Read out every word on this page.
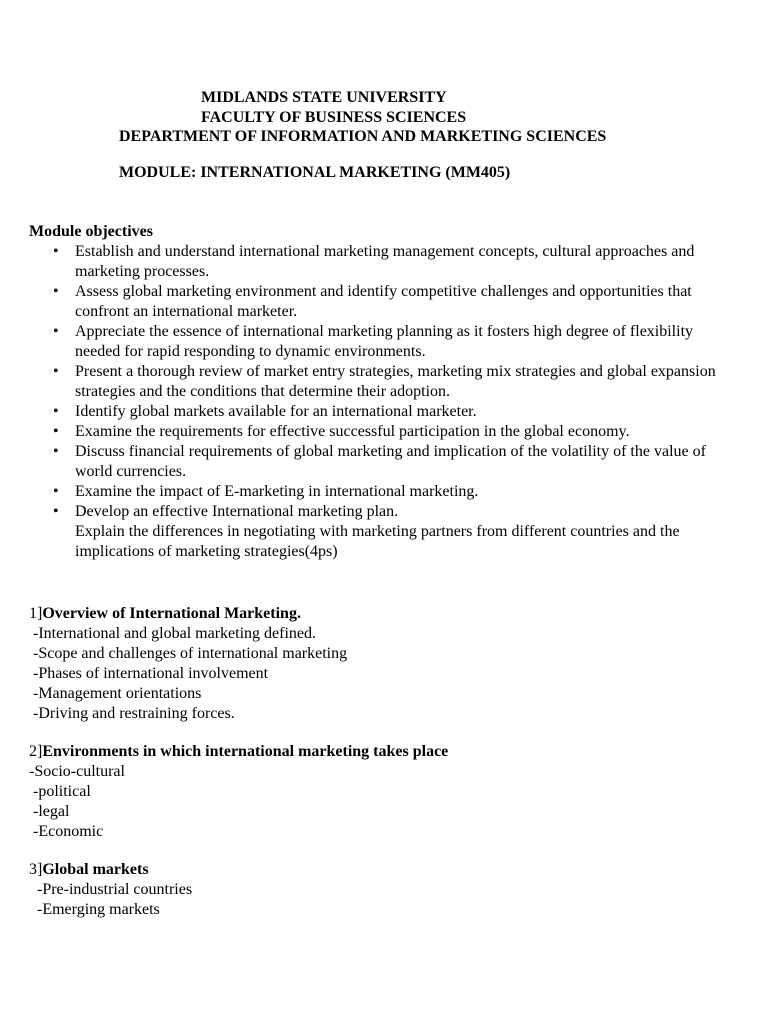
MIDLANDS STATE UNIVERSITY
FACULTY OF BUSINESS SCIENCES
DEPARTMENT OF INFORMATION AND MARKETING SCIENCES
MODULE: INTERNATIONAL MARKETING (MM405)
Module objectives
• Establish and understand international marketing management concepts, cultural approaches and marketing processes.
• Assess global marketing environment and identify competitive challenges and opportunities that confront an international marketer.
• Appreciate the essence of international marketing planning as it fosters high degree of flexibility needed for rapid responding to dynamic environments.
• Present a thorough review of market entry strategies, marketing mix strategies and global expansion strategies and the conditions that determine their adoption.
• Identify global markets available for an international marketer.
• Examine the requirements for effective successful participation in the global economy.
• Discuss financial requirements of global marketing and implication of the volatility of the value of world currencies.
• Examine the impact of E-marketing in international marketing.
• Develop an effective International marketing plan.
Explain the differences in negotiating with marketing partners from different countries and the implications of marketing strategies(4ps)
1]Overview of International Marketing.
-International and global marketing defined.
-Scope and challenges of international marketing
-Phases of international involvement
-Management orientations
-Driving and restraining forces.
2]Environments in which international marketing takes place
-Socio-cultural
-political
-legal
-Economic
3]Global markets
-Pre-industrial countries
-Emerging markets
